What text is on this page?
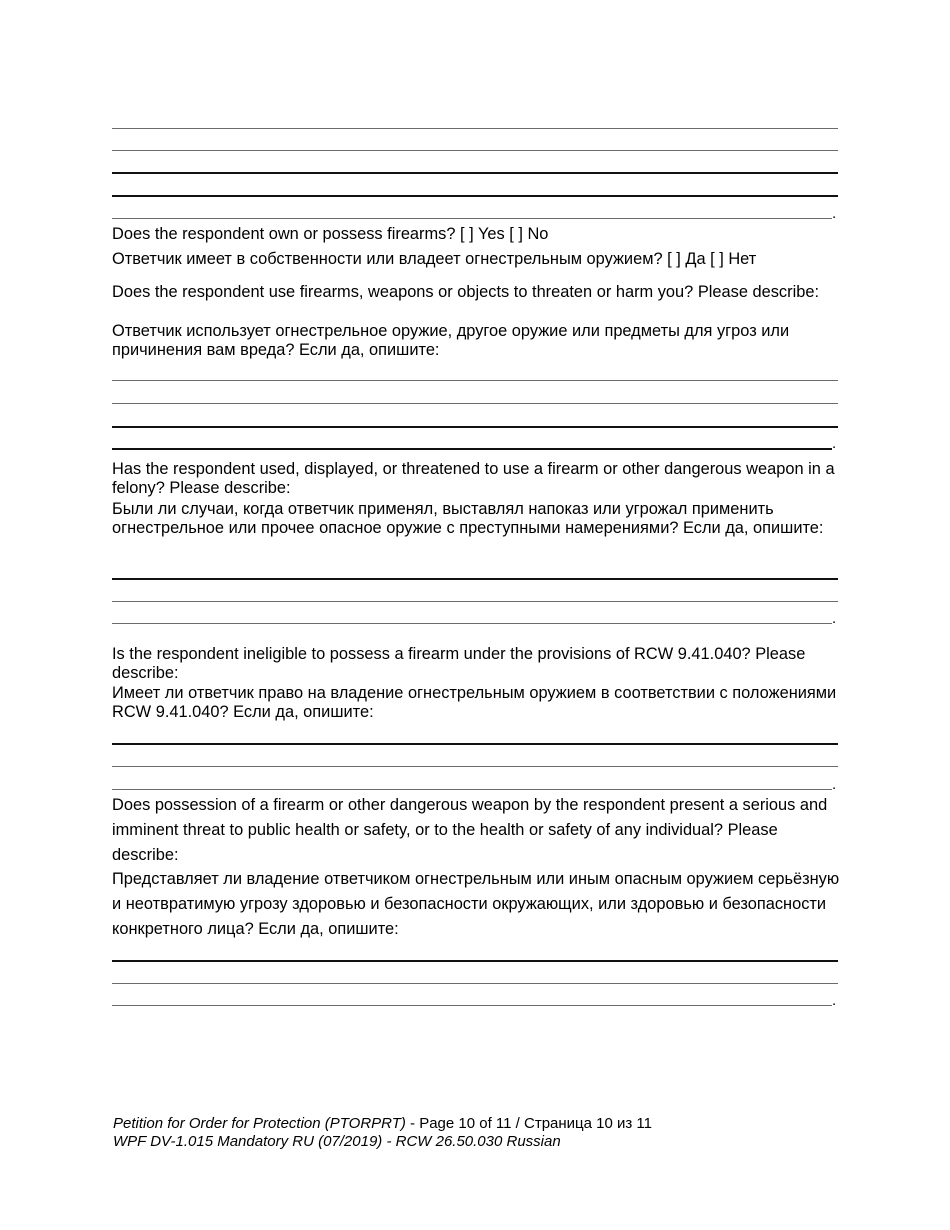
.

Does the respondent own or possess firearms? [ ] Yes [ ] No

Ответчик имеет в собственности или владеет огнестрельным оружием? [ ] Да [ ] Нет

Does the respondent use firearms, weapons or objects to threaten or harm you? Please describe:

Ответчик использует огнестрельное оружие, другое оружие или предметы для угроз или причинения вам вреда? Если да, опишите:

.

Has the respondent used, displayed, or threatened to use a firearm or other dangerous weapon in a felony? Please describe:

Были ли случаи, когда ответчик применял, выставлял напоказ или угрожал применить огнестрельное или прочее опасное оружие с преступными намерениями? Если да, опишите:

.

Is the respondent ineligible to possess a firearm under the provisions of RCW 9.41.040? Please describe:

Имеет ли ответчик право на владение огнестрельным оружием в соответствии с положениями RCW 9.41.040? Если да, опишите:

.

Does possession of a firearm or other dangerous weapon by the respondent present a serious and imminent threat to public health or safety, or to the health or safety of any individual? Please describe:

Представляет ли владение ответчиком огнестрельным или иным опасным оружием серьёзную и неотвратимую угрозу здоровью и безопасности окружающих, или здоровью и безопасности конкретного лица? Если да, опишите:

.
Petition for Order for Protection (PTORPRT) - Page 10 of 11 / Страница 10 из 11
WPF DV-1.015 Mandatory RU (07/2019) - RCW 26.50.030 Russian
